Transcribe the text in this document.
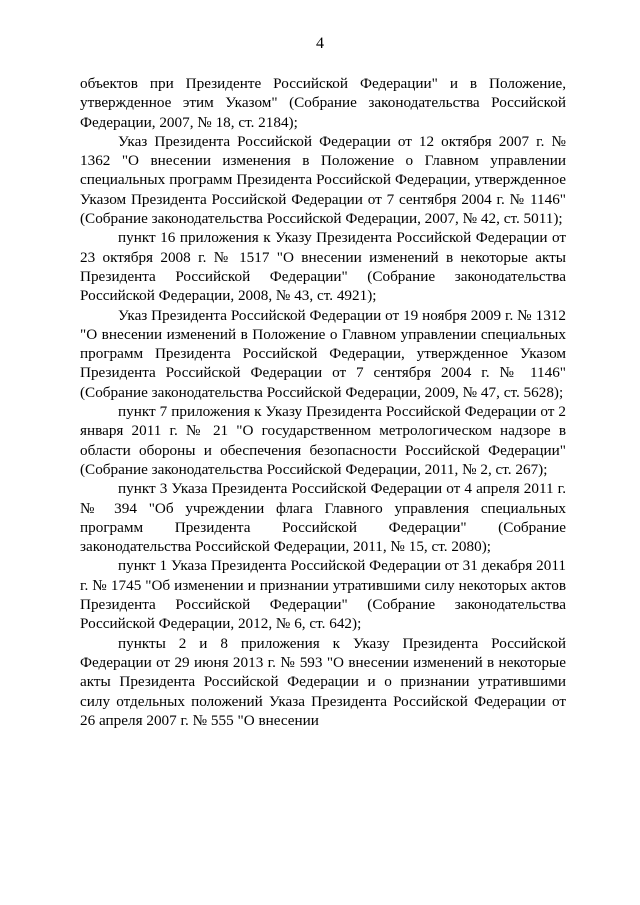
4

объектов при Президенте Российской Федерации" и в Положение, утвержденное этим Указом" (Собрание законодательства Российской Федерации, 2007, № 18, ст. 2184);

Указ Президента Российской Федерации от 12 октября 2007 г. № 1362 "О внесении изменения в Положение о Главном управлении специальных программ Президента Российской Федерации, утвержденное Указом Президента Российской Федерации от 7 сентября 2004 г. № 1146" (Собрание законодательства Российской Федерации, 2007, № 42, ст. 5011);

пункт 16 приложения к Указу Президента Российской Федерации от 23 октября 2008 г. № 1517 "О внесении изменений в некоторые акты Президента Российской Федерации" (Собрание законодательства Российской Федерации, 2008, № 43, ст. 4921);

Указ Президента Российской Федерации от 19 ноября 2009 г. № 1312 "О внесении изменений в Положение о Главном управлении специальных программ Президента Российской Федерации, утвержденное Указом Президента Российской Федерации от 7 сентября 2004 г. № 1146" (Собрание законодательства Российской Федерации, 2009, № 47, ст. 5628);

пункт 7 приложения к Указу Президента Российской Федерации от 2 января 2011 г. № 21 "О государственном метрологическом надзоре в области обороны и обеспечения безопасности Российской Федерации" (Собрание законодательства Российской Федерации, 2011, № 2, ст. 267);

пункт 3 Указа Президента Российской Федерации от 4 апреля 2011 г. № 394 "Об учреждении флага Главного управления специальных программ Президента Российской Федерации" (Собрание законодательства Российской Федерации, 2011, № 15, ст. 2080);

пункт 1 Указа Президента Российской Федерации от 31 декабря 2011 г. № 1745 "Об изменении и признании утратившими силу некоторых актов Президента Российской Федерации" (Собрание законодательства Российской Федерации, 2012, № 6, ст. 642);

пункты 2 и 8 приложения к Указу Президента Российской Федерации от 29 июня 2013 г. № 593 "О внесении изменений в некоторые акты Президента Российской Федерации и о признании утратившими силу отдельных положений Указа Президента Российской Федерации от 26 апреля 2007 г. № 555 "О внесении
